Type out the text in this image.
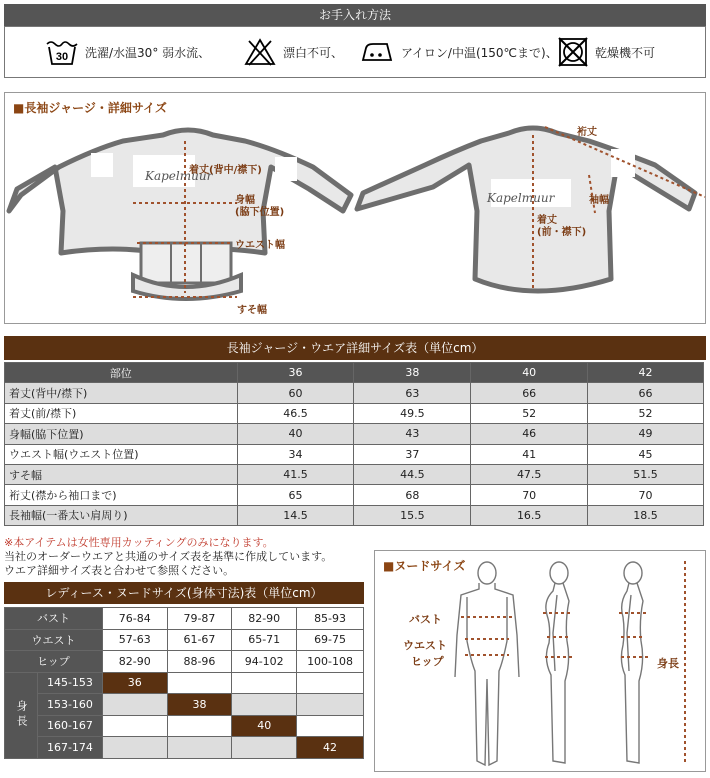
お手入れ方法
30 洗濯/水温30° 弱水流、	漂白不可、	アイロン/中温(150℃まで)、	乾燥機不可
■長袖ジャージ・詳細サイズ
Kapelmuur
Kapelmuur
着丈(背中/襟下)
身幅
(脇下位置)
ウエスト幅
すそ幅
裄丈
袖幅
着丈
(前・襟下)
長袖ジャージ・ウエア詳細サイズ表（単位cm）
部位	36	38	40	42
着丈(背中/襟下)	60	63	66	66
着丈(前/襟下)	46.5	49.5	52	52
身幅(脇下位置)	40	43	46	49
ウエスト幅(ウエスト位置)	34	37	41	45
すそ幅	41.5	44.5	47.5	51.5
裄丈(襟から袖口まで)	65	68	70	70
長袖幅(一番太い肩周り)	14.5	15.5	16.5	18.5
※本アイテムは女性専用カッティングのみになります。
当社のオーダーウエアと共通のサイズ表を基準に作成しています。
ウエア詳細サイズ表と合わせて参照ください。
レディース・ヌードサイズ(身体寸法)表（単位cm）
バスト		76-84	79-87	82-90	85-93
ウエスト		57-63	61-67	65-71	69-75
ヒップ		82-90	88-96	94-102	100-108
身長	145-153	36			
	153-160		38		
	160-167			40	
	167-174				42
■ヌードサイズ
バスト
ウエスト
ヒップ	身長
